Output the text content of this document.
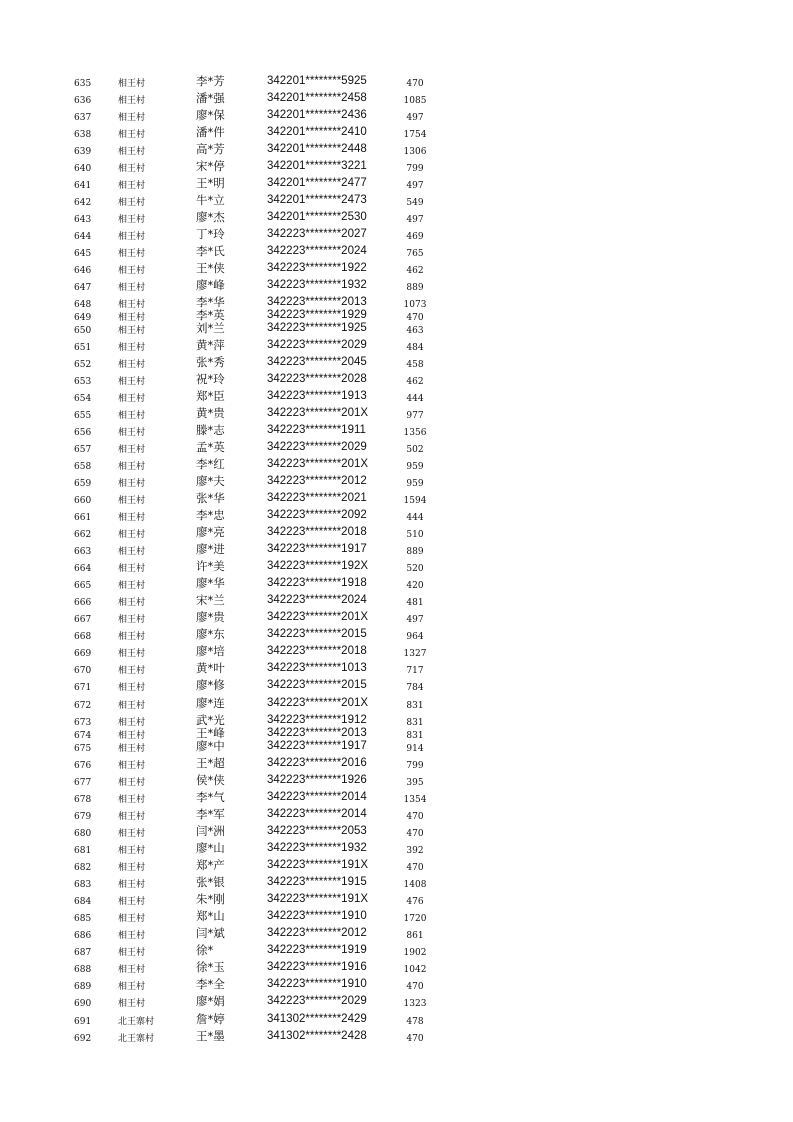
635	相王村	李*芳	342201********5925	470
636	相王村	潘*强	342201********2458	1085
637	相王村	廖*保	342201********2436	497
638	相王村	潘*件	342201********2410	1754
639	相王村	高*芳	342201********2448	1306
640	相王村	宋*停	342201********3221	799
641	相王村	王*明	342201********2477	497
642	相王村	牛*立	342201********2473	549
643	相王村	廖*杰	342201********2530	497
644	相王村	丁*玲	342223********2027	469
645	相王村	李*氏	342223********2024	765
646	相王村	王*侠	342223********1922	462
647	相王村	廖*峰	342223********1932	889
648	相王村	李*华	342223********2013	1073
649	相王村	李*英	342223********1929	470
650	相王村	刘*兰	342223********1925	463
651	相王村	黄*萍	342223********2029	484
652	相王村	张*秀	342223********2045	458
653	相王村	祝*玲	342223********2028	462
654	相王村	郑*臣	342223********1913	444
655	相王村	黄*贵	342223********201X	977
656	相王村	滕*志	342223********1911	1356
657	相王村	孟*英	342223********2029	502
658	相王村	李*红	342223********201X	959
659	相王村	廖*夫	342223********2012	959
660	相王村	张*华	342223********2021	1594
661	相王村	李*忠	342223********2092	444
662	相王村	廖*亮	342223********2018	510
663	相王村	廖*进	342223********1917	889
664	相王村	许*美	342223********192X	520
665	相王村	廖*华	342223********1918	420
666	相王村	宋*兰	342223********2024	481
667	相王村	廖*贵	342223********201X	497
668	相王村	廖*东	342223********2015	964
669	相王村	廖*培	342223********2018	1327
670	相王村	黄*叶	342223********1013	717
671	相王村	廖*修	342223********2015	784
672	相王村	廖*连	342223********201X	831
673	相王村	武*光	342223********1912	831
674	相王村	王*峰	342223********2013	831
675	相王村	廖*中	342223********1917	914
676	相王村	王*超	342223********2016	799
677	相王村	侯*侠	342223********1926	395
678	相王村	李*气	342223********2014	1354
679	相王村	李*军	342223********2014	470
680	相王村	闫*洲	342223********2053	470
681	相王村	廖*山	342223********1932	392
682	相王村	郑*产	342223********191X	470
683	相王村	张*银	342223********1915	1408
684	相王村	朱*刚	342223********191X	476
685	相王村	郑*山	342223********1910	1720
686	相王村	闫*斌	342223********2012	861
687	相王村	徐*	342223********1919	1902
688	相王村	徐*玉	342223********1916	1042
689	相王村	李*全	342223********1910	470
690	相王村	廖*娟	342223********2029	1323
691	北王寨村	詹*婷	341302********2429	478
692	北王寨村	王*墨	341302********2428	470
